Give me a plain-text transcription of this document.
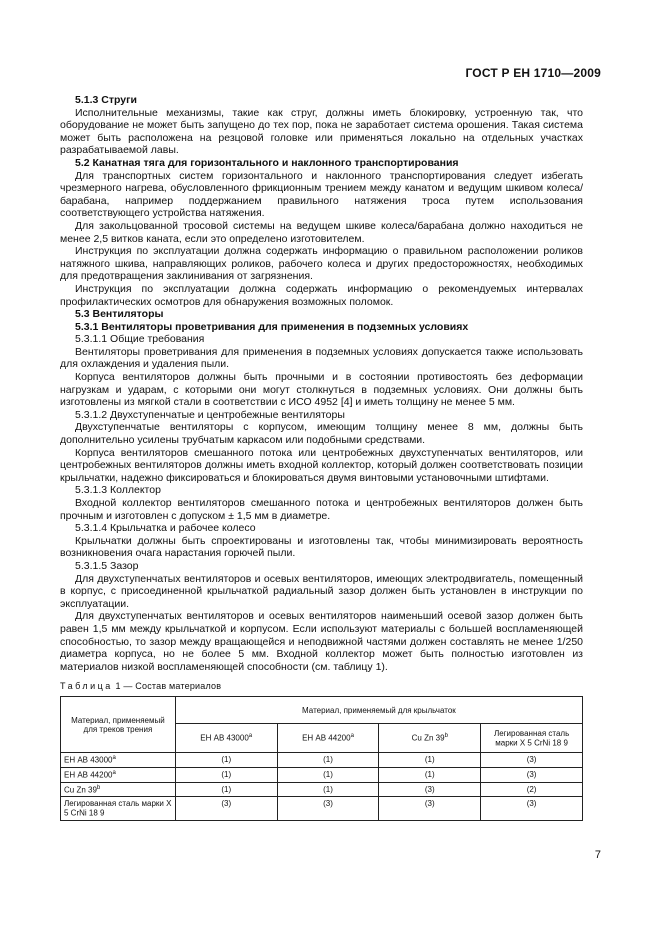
ГОСТ Р ЕН 1710—2009

5.1.3 Струги

Исполнительные механизмы, такие как струг, должны иметь блокировку, устроенную так, что оборудование не может быть запущено до тех пор, пока не заработает система орошения. Такая система может быть расположена на резцовой головке или применяться локально на отдельных участках разрабатываемой лавы.

5.2 Канатная тяга для горизонтального и наклонного транспортирования

Для транспортных систем горизонтального и наклонного транспортирования следует избегать чрезмерного нагрева, обусловленного фрикционным трением между канатом и ведущим шкивом колеса/барабана, например поддержанием правильного натяжения троса путем использования соответствующего устройства натяжения.

Для закольцованной тросовой системы на ведущем шкиве колеса/барабана должно находиться не менее 2,5 витков каната, если это определено изготовителем.

Инструкция по эксплуатации должна содержать информацию о правильном расположении роликов натяжного шкива, направляющих роликов, рабочего колеса и других предосторожностях, необходимых для предотвращения заклинивания от загрязнения.

Инструкция по эксплуатации должна содержать информацию о рекомендуемых интервалах профилактических осмотров для обнаружения возможных поломок.

5.3 Вентиляторы

5.3.1 Вентиляторы проветривания для применения в подземных условиях

5.3.1.1 Общие требования

Вентиляторы проветривания для применения в подземных условиях допускается также использовать для охлаждения и удаления пыли.

Корпуса вентиляторов должны быть прочными и в состоянии противостоять без деформации нагрузкам и ударам, с которыми они могут столкнуться в подземных условиях. Они должны быть изготовлены из мягкой стали в соответствии с ИСО 4952 [4] и иметь толщину не менее 5 мм.

5.3.1.2 Двухступенчатые и центробежные вентиляторы

Двухступенчатые вентиляторы с корпусом, имеющим толщину менее 8 мм, должны быть дополнительно усилены трубчатым каркасом или подобными средствами.

Корпуса вентиляторов смешанного потока или центробежных двухступенчатых вентиляторов, или центробежных вентиляторов должны иметь входной коллектор, который должен соответствовать позиции крыльчатки, надежно фиксироваться и блокироваться двумя винтовыми установочными штифтами.

5.3.1.3 Коллектор

Входной коллектор вентиляторов смешанного потока и центробежных вентиляторов должен быть прочным и изготовлен с допуском ± 1,5 мм в диаметре.

5.3.1.4 Крыльчатка и рабочее колесо

Крыльчатки должны быть спроектированы и изготовлены так, чтобы минимизировать вероятность возникновения очага нарастания горючей пыли.

5.3.1.5 Зазор

Для двухступенчатых вентиляторов и осевых вентиляторов, имеющих электродвигатель, помещенный в корпус, с присоединенной крыльчаткой радиальный зазор должен быть установлен в инструкции по эксплуатации.

Для двухступенчатых вентиляторов и осевых вентиляторов наименьший осевой зазор должен быть равен 1,5 мм между крыльчаткой и корпусом. Если используют материалы с большей воспламеняющей способностью, то зазор между вращающейся и неподвижной частями должен составлять не менее 1/250 диаметра корпуса, но не более 5 мм. Входной коллектор может быть полностью изготовлен из материалов низкой воспламеняющей способности (см. таблицу 1).

Таблица 1 — Состав материалов
Материал, применяемый для треков трения	Материал, применяемый для крыльчаток			
	ЕН АВ 43000$^a$	ЕН АВ 44200$^a$	Cu Zn 39$^b$	Легированная сталь марки Х 5 CrNi 18 9
ЕН АВ 43000$^a$	(1)	(1)	(1)	(3)
ЕН АВ 44200$^a$	(1)	(1)	(1)	(3)
Cu Zn 39$^b$	(1)	(1)	(3)	(2)
Легированная сталь марки Х 5 CrNi 18 9	(3)	(3)	(3)	(3)
7
